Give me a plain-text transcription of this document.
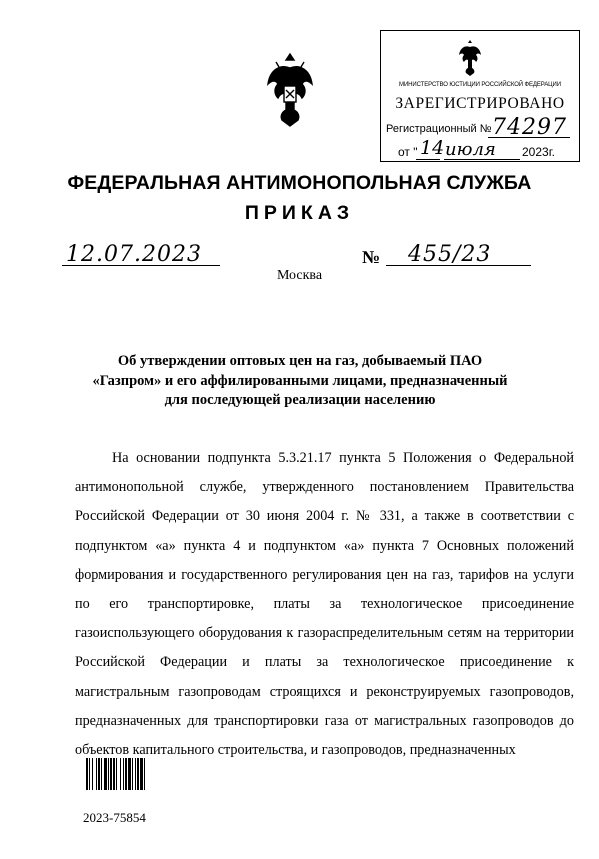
МИНИСТЕРСТВО ЮСТИЦИИ РОССИЙСКОЙ ФЕДЕРАЦИИ
ЗАРЕГИСТРИРОВАНО
Регистрационный № 74297
от " 14 июля 2023г.
ФЕДЕРАЛЬНАЯ АНТИМОНОПОЛЬНАЯ СЛУЖБА
ПРИКАЗ
12.07.2023	№ 455/23
Москва
Об утверждении оптовых цен на газ, добываемый ПАО «Газпром» и его аффилированными лицами, предназначенный для последующей реализации населению
На основании подпункта 5.3.21.17 пункта 5 Положения о Федеральной антимонопольной службе, утвержденного постановлением Правительства Российской Федерации от 30 июня 2004 г. № 331, а также в соответствии с подпунктом «а» пункта 4 и подпунктом «а» пункта 7 Основных положений формирования и государственного регулирования цен на газ, тарифов на услуги по его транспортировке, платы за технологическое присоединение газоиспользующего оборудования к газораспределительным сетям на территории Российской Федерации и платы за технологическое присоединение к магистральным газопроводам строящихся и реконструируемых газопроводов, предназначенных для транспортировки газа от магистральных газопроводов до объектов капитального строительства, и газопроводов, предназначенных
2023-75854
